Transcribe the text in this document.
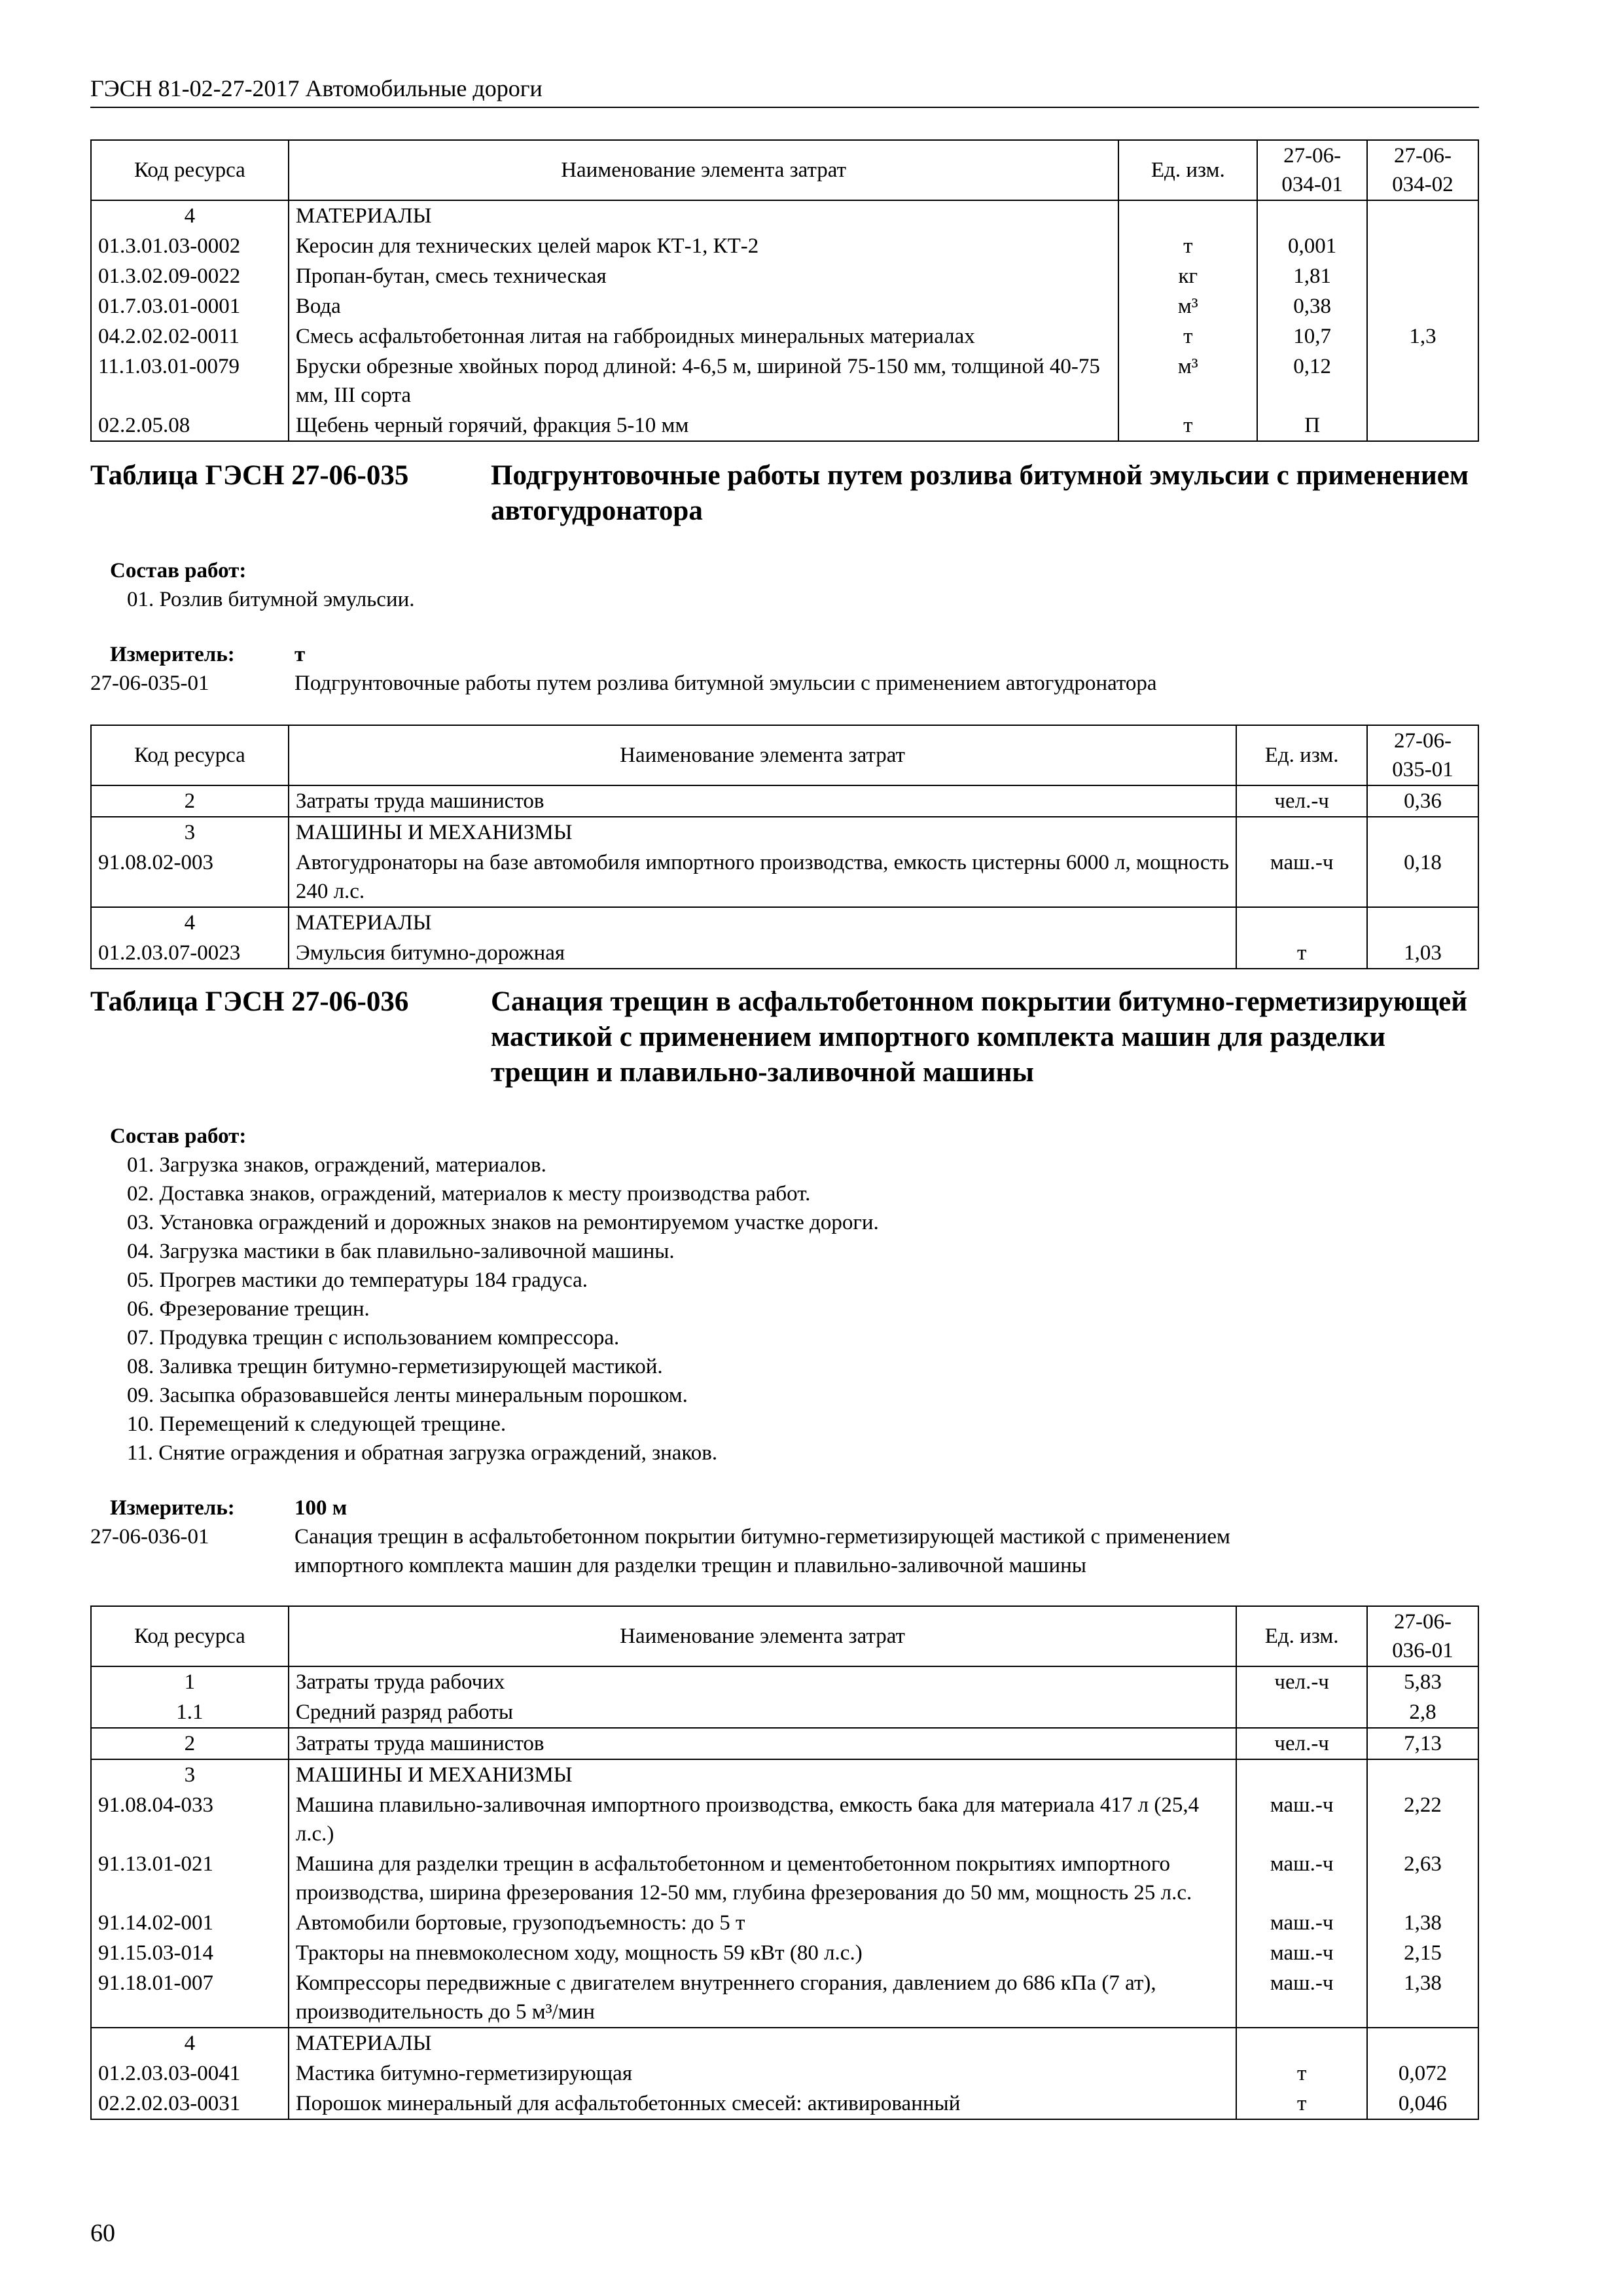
ГЭСН 81-02-27-2017 Автомобильные дороги
Код ресурса	Наименование элемента затрат	Ед. изм.	27-06-034-01	27-06-034-02
4	МАТЕРИАЛЫ			
01.3.01.03-0002	Керосин для технических целей марок КТ-1, КТ-2	т	0,001	
01.3.02.09-0022	Пропан-бутан, смесь техническая	кг	1,81	
01.7.03.01-0001	Вода	м³	0,38	
04.2.02.02-0011	Смесь асфальтобетонная литая на габброидных минеральных материалах	т	10,7	1,3
11.1.03.01-0079	Бруски обрезные хвойных пород длиной: 4-6,5 м, шириной 75-150 мм, толщиной 40-75 мм, III сорта	м³	0,12	
02.2.05.08	Щебень черный горячий, фракция 5-10 мм	т	П	
Таблица ГЭСН 27-06-035	Подгрунтовочные работы путем розлива битумной эмульсии с применением автогудронатора
Состав работ:
01. Розлив битумной эмульсии.
Измеритель:	т
27-06-035-01	Подгрунтовочные работы путем розлива битумной эмульсии с применением автогудронатора
Код ресурса	Наименование элемента затрат	Ед. изм.	27-06-035-01
2	Затраты труда машинистов	чел.-ч	0,36
3	МАШИНЫ И МЕХАНИЗМЫ		
91.08.02-003	Автогудронаторы на базе автомобиля импортного производства, емкость цистерны 6000 л, мощность 240 л.с.	маш.-ч	0,18
4	МАТЕРИАЛЫ		
01.2.03.07-0023	Эмульсия битумно-дорожная	т	1,03
Таблица ГЭСН 27-06-036	Санация трещин в асфальтобетонном покрытии битумно-герметизирующей мастикой с применением импортного комплекта машин для разделки трещин и плавильно-заливочной машины
Состав работ:
01. Загрузка знаков, ограждений, материалов.
02. Доставка знаков, ограждений, материалов к месту производства работ.
03. Установка ограждений и дорожных знаков на ремонтируемом участке дороги.
04. Загрузка мастики в бак плавильно-заливочной машины.
05. Прогрев мастики до температуры 184 градуса.
06. Фрезерование трещин.
07. Продувка трещин с использованием компрессора.
08. Заливка трещин битумно-герметизирующей мастикой.
09. Засыпка образовавшейся ленты минеральным порошком.
10. Перемещений к следующей трещине.
11. Снятие ограждения и обратная загрузка ограждений, знаков.
Измеритель:	100 м
27-06-036-01	Санация трещин в асфальтобетонном покрытии битумно-герметизирующей мастикой с применением
импортного комплекта машин для разделки трещин и плавильно-заливочной машины
Код ресурса	Наименование элемента затрат	Ед. изм.	27-06-036-01
1	Затраты труда рабочих	чел.-ч	5,83
1.1	Средний разряд работы		2,8
2	Затраты труда машинистов	чел.-ч	7,13
3	МАШИНЫ И МЕХАНИЗМЫ		
91.08.04-033	Машина плавильно-заливочная импортного производства, емкость бака для материала 417 л (25,4 л.с.)	маш.-ч	2,22
91.13.01-021	Машина для разделки трещин в асфальтобетонном и цементобетонном покрытиях импортного производства, ширина фрезерования 12-50 мм, глубина фрезерования до 50 мм, мощность 25 л.с.	маш.-ч	2,63
91.14.02-001	Автомобили бортовые, грузоподъемность: до 5 т	маш.-ч	1,38
91.15.03-014	Тракторы на пневмоколесном ходу, мощность 59 кВт (80 л.с.)	маш.-ч	2,15
91.18.01-007	Компрессоры передвижные с двигателем внутреннего сгорания, давлением до 686 кПа (7 ат), производительность до 5 м³/мин	маш.-ч	1,38
4	МАТЕРИАЛЫ		
01.2.03.03-0041	Мастика битумно-герметизирующая	т	0,072
02.2.02.03-0031	Порошок минеральный для асфальтобетонных смесей: активированный	т	0,046
60
